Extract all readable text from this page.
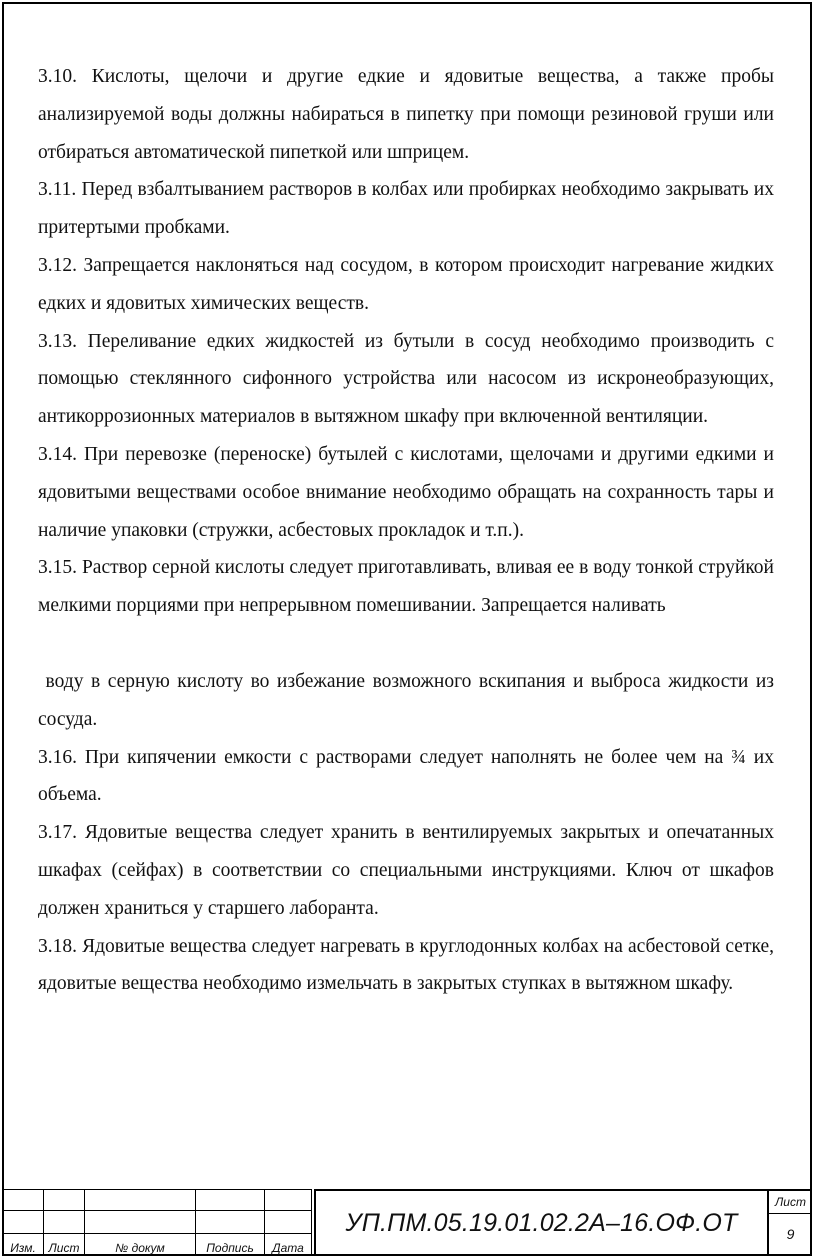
3.10. Кислоты, щелочи и другие едкие и ядовитые вещества, а также пробы анализируемой воды должны набираться в пипетку при помощи резиновой груши или отбираться автоматической пипеткой или шприцем.

3.11. Перед взбалтыванием растворов в колбах или пробирках необходимо закрывать их притертыми пробками.

3.12. Запрещается наклоняться над сосудом, в котором происходит нагревание жидких едких и ядовитых химических веществ.

3.13. Переливание едких жидкостей из бутыли в сосуд необходимо производить с помощью стеклянного сифонного устройства или насосом из искронеобразующих, антикоррозионных материалов в вытяжном шкафу при включенной вентиляции.

3.14. При перевозке (переноске) бутылей с кислотами, щелочами и другими едкими и ядовитыми веществами особое внимание необходимо обращать на сохранность тары и наличие упаковки (стружки, асбестовых прокладок и т.п.).

3.15. Раствор серной кислоты следует приготавливать, вливая ее в воду тонкой струйкой мелкими порциями при непрерывном помешивании. Запрещается наливать

воду в серную кислоту во избежание возможного вскипания и выброса жидкости из сосуда.

3.16. При кипячении емкости с растворами следует наполнять не более чем на ¾ их объема.

3.17. Ядовитые вещества следует хранить в вентилируемых закрытых и опечатанных шкафах (сейфах) в соответствии со специальными инструкциями. Ключ от шкафов должен храниться у старшего лаборанта.

3.18. Ядовитые вещества следует нагревать в круглодонных колбах на асбестовой сетке, ядовитые вещества необходимо измельчать в закрытых ступках в вытяжном шкафу.

Изм.	Лист	№ докум	Подпись	Дата
УП.ПМ.05.19.01.02.2А–16.ОФ.ОТ
Лист
9
